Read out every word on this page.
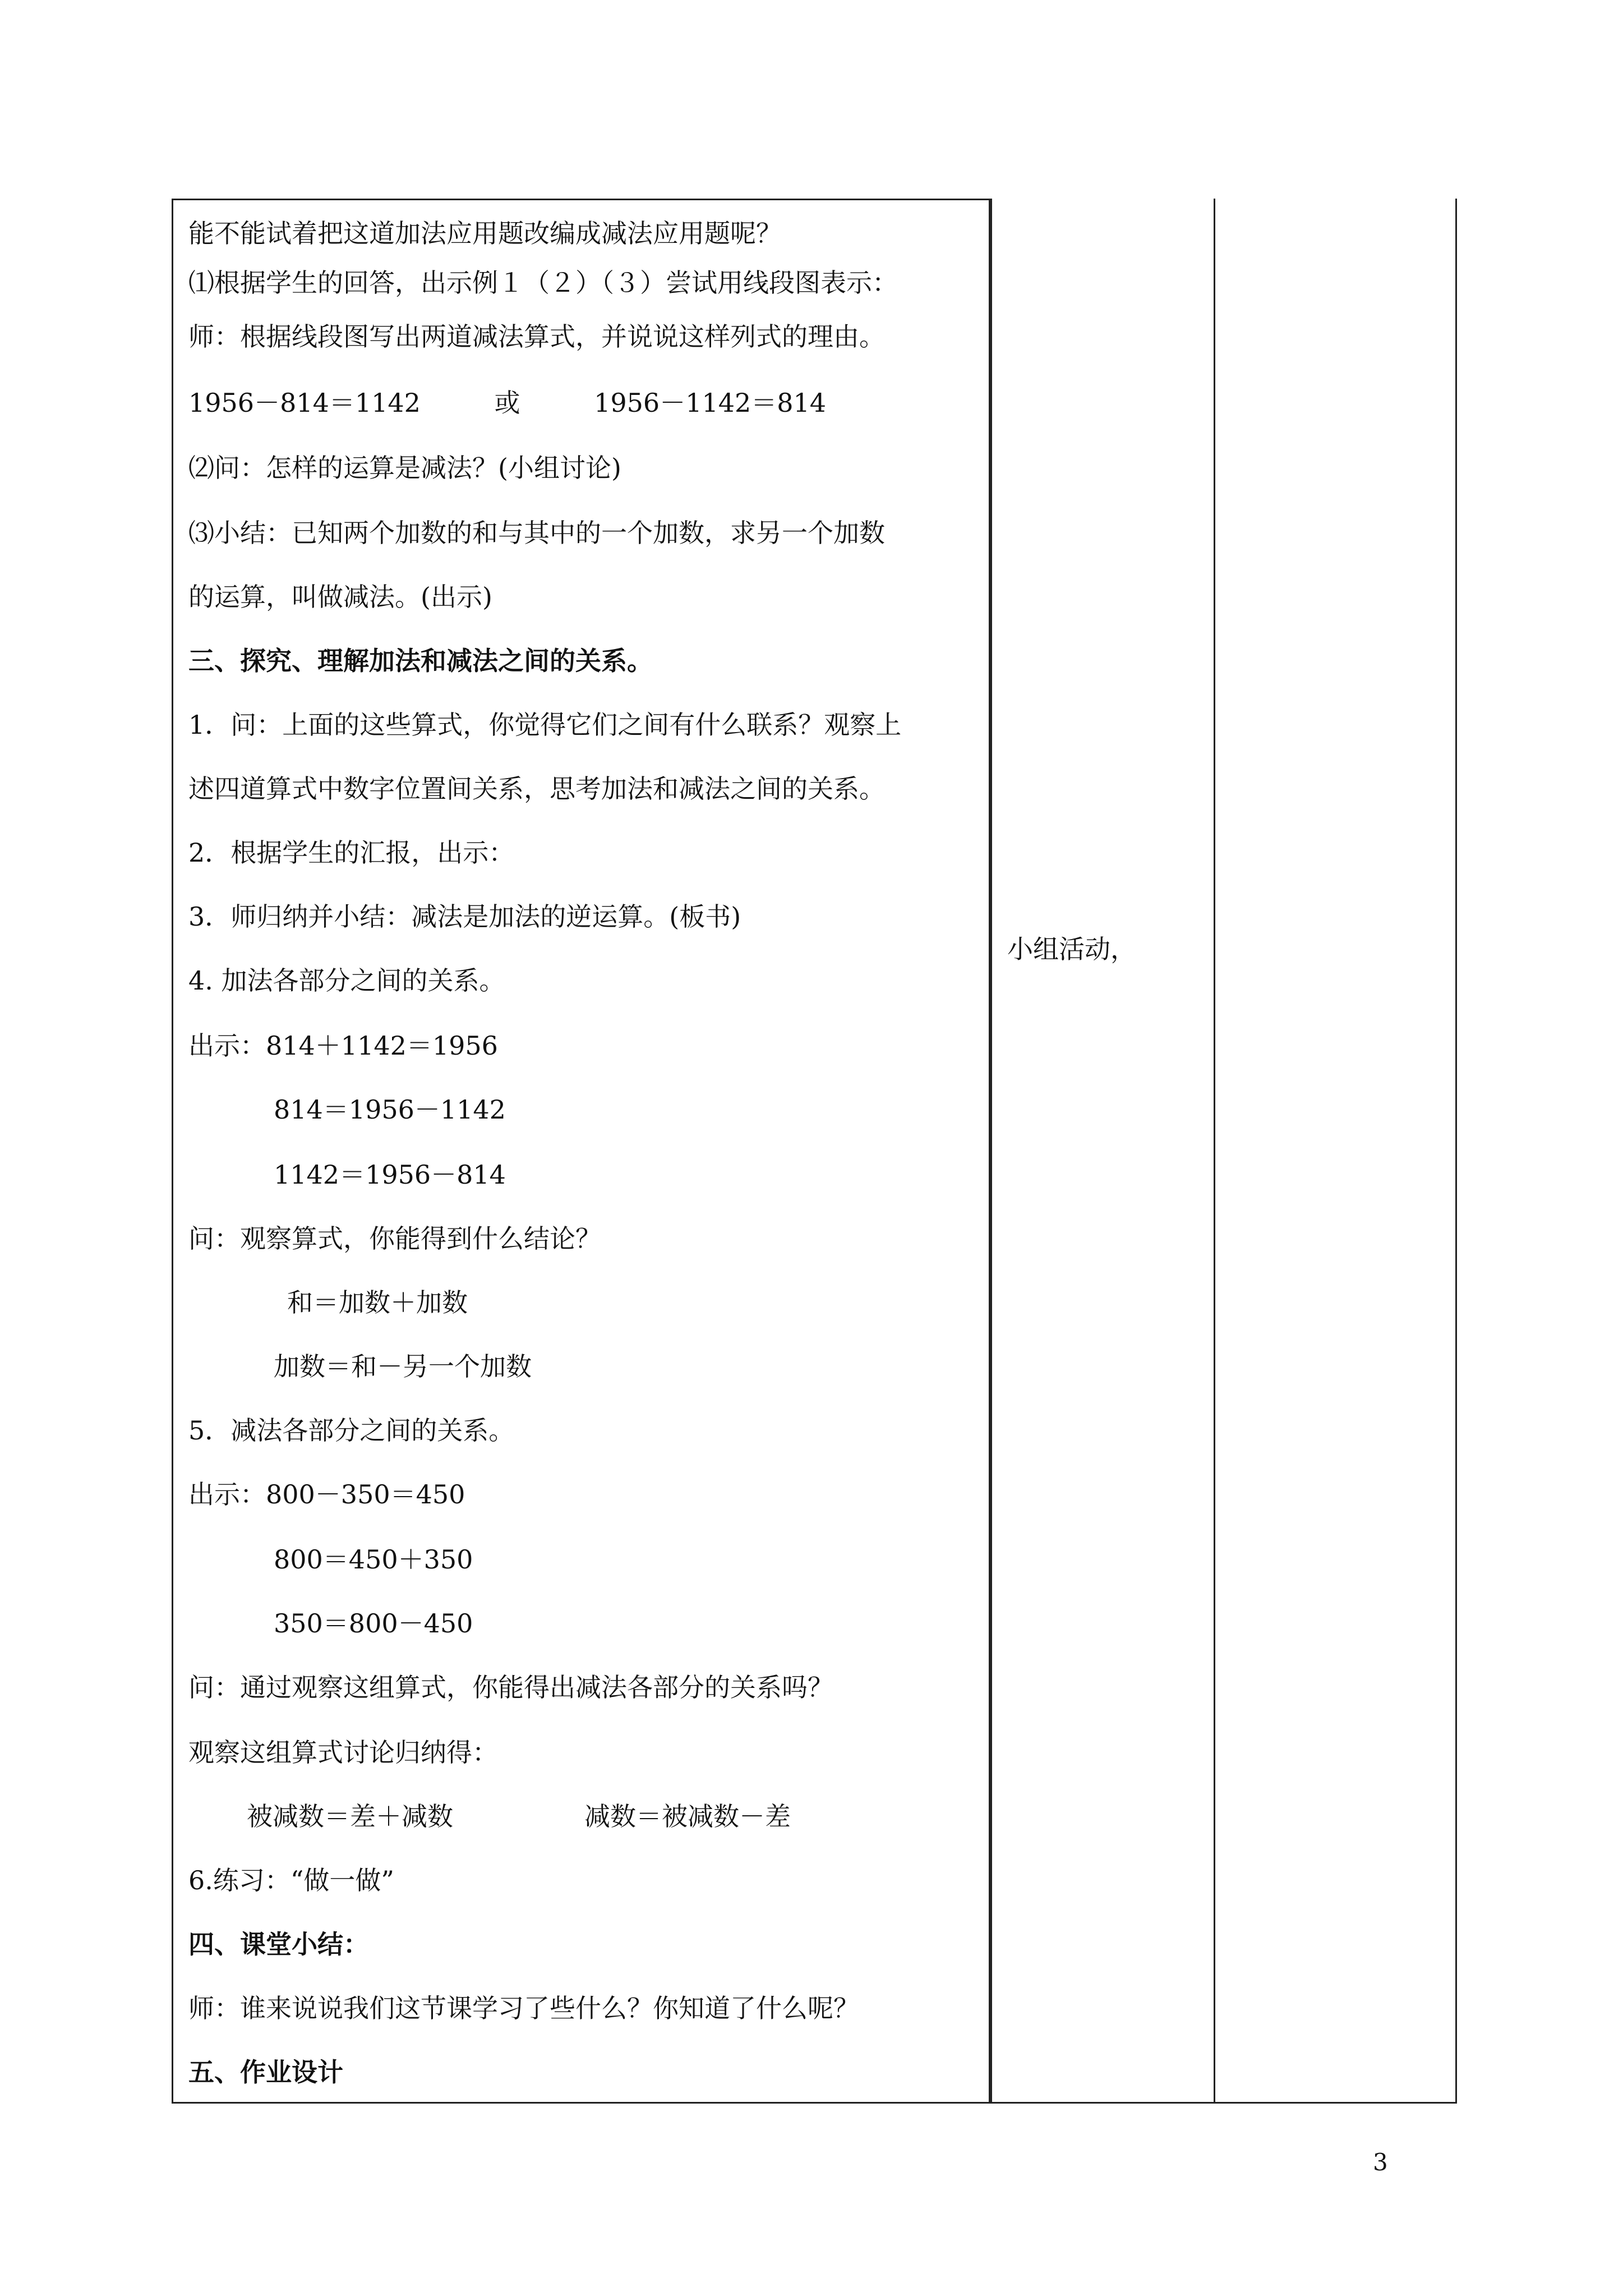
能不能试着把这道加法应用题改编成减法应用题呢？
⑴根据学生的回答，出示例１（２）（３）尝试用线段图表示：
师：根据线段图写出两道减法算式，并说说这样列式的理由。
1956－814＝1142         或         1956－1142＝814
⑵问：怎样的运算是减法？(小组讨论)
⑶小结：已知两个加数的和与其中的一个加数，求另一个加数
的运算，叫做减法。(出示)
三、探究、理解加法和减法之间的关系。
1．问：上面的这些算式，你觉得它们之间有什么联系？观察上
述四道算式中数字位置间关系，思考加法和减法之间的关系。
2．根据学生的汇报，出示：
3．师归纳并小结：减法是加法的逆运算。(板书)
4. 加法各部分之间的关系。
出示：814＋1142＝1956
814＝1956－1142
1142＝1956－814
问：观察算式，你能得到什么结论？
和＝加数＋加数
加数＝和－另一个加数
5．减法各部分之间的关系。
出示：800－350＝450
800＝450＋350
350＝800－450
问：通过观察这组算式，你能得出减法各部分的关系吗？
观察这组算式讨论归纳得：
被减数＝差＋减数                减数＝被减数－差
6.练习：“做一做”
四、课堂小结：
师：谁来说说我们这节课学习了些什么？你知道了什么呢？
五、作业设计
小组活动，
3
